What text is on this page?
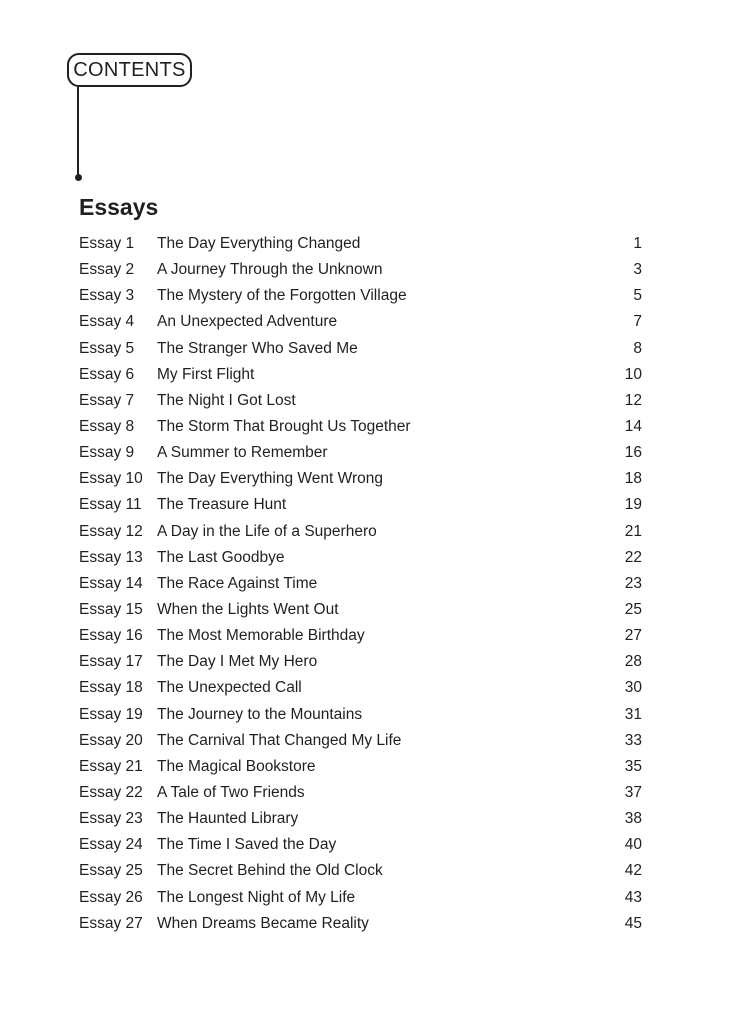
CONTENTS
Essays
Essay 1 The Day Everything Changed	1
Essay 2 A Journey Through the Unknown	3
Essay 3 The Mystery of the Forgotten Village	5
Essay 4 An Unexpected Adventure	7
Essay 5 The Stranger Who Saved Me	8
Essay 6 My First Flight	10
Essay 7 The Night I Got Lost	12
Essay 8 The Storm That Brought Us Together	14
Essay 9 A Summer to Remember	16
Essay 10 The Day Everything Went Wrong	18
Essay 11 The Treasure Hunt	19
Essay 12 A Day in the Life of a Superhero	21
Essay 13 The Last Goodbye	22
Essay 14 The Race Against Time	23
Essay 15 When the Lights Went Out	25
Essay 16 The Most Memorable Birthday	27
Essay 17 The Day I Met My Hero	28
Essay 18 The Unexpected Call	30
Essay 19 The Journey to the Mountains	31
Essay 20 The Carnival That Changed My Life	33
Essay 21 The Magical Bookstore	35
Essay 22 A Tale of Two Friends	37
Essay 23 The Haunted Library	38
Essay 24 The Time I Saved the Day	40
Essay 25 The Secret Behind the Old Clock	42
Essay 26 The Longest Night of My Life	43
Essay 27 When Dreams Became Reality	45
